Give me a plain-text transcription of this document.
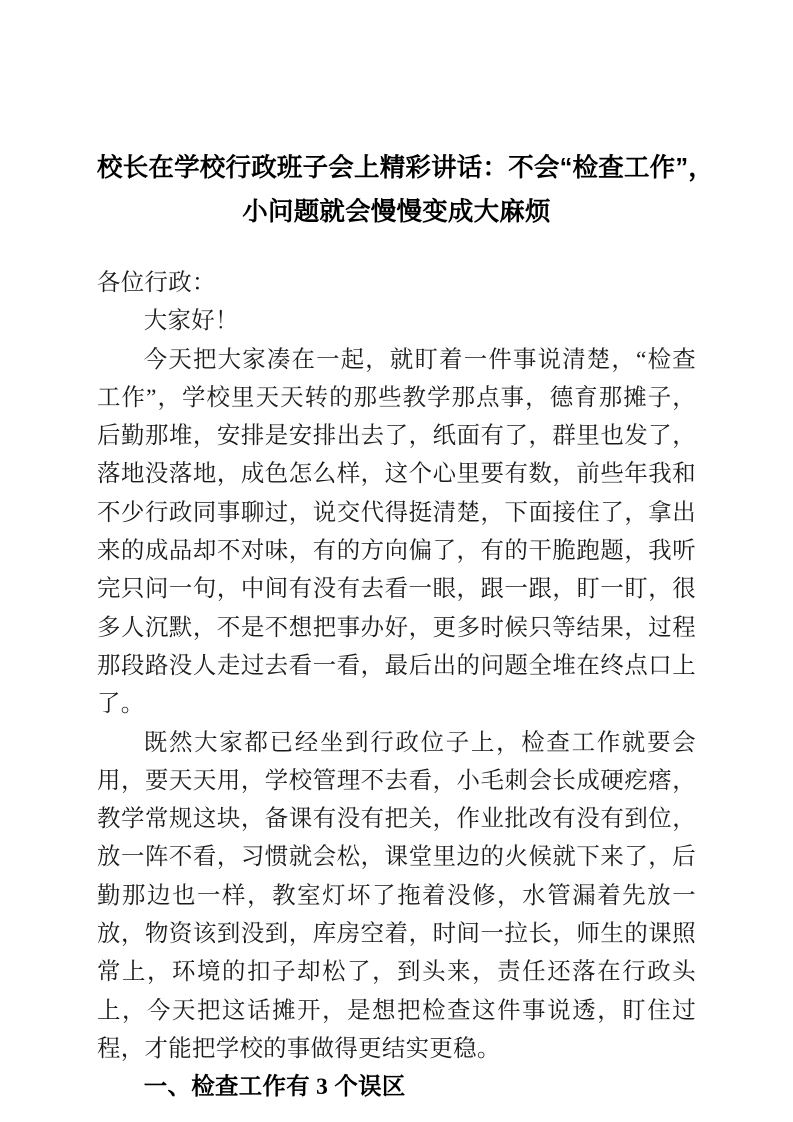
校长在学校行政班子会上精彩讲话：不会“检查工作”，
小问题就会慢慢变成大麻烦

各位行政：

大家好！

今天把大家凑在一起，就盯着一件事说清楚，“检查工作”，学校里天天转的那些教学那点事，德育那摊子，后勤那堆，安排是安排出去了，纸面有了，群里也发了，落地没落地，成色怎么样，这个心里要有数，前些年我和不少行政同事聊过，说交代得挺清楚，下面接住了，拿出来的成品却不对味，有的方向偏了，有的干脆跑题，我听完只问一句，中间有没有去看一眼，跟一跟，盯一盯，很多人沉默，不是不想把事办好，更多时候只等结果，过程那段路没人走过去看一看，最后出的问题全堆在终点口上了。

既然大家都已经坐到行政位子上，检查工作就要会用，要天天用，学校管理不去看，小毛刺会长成硬疙瘩，教学常规这块，备课有没有把关，作业批改有没有到位，放一阵不看，习惯就会松，课堂里边的火候就下来了，后勤那边也一样，教室灯坏了拖着没修，水管漏着先放一放，物资该到没到，库房空着，时间一拉长，师生的课照常上，环境的扣子却松了，到头来，责任还落在行政头上，今天把这话摊开，是想把检查这件事说透，盯住过程，才能把学校的事做得更结实更稳。

一、检查工作有 3 个误区
